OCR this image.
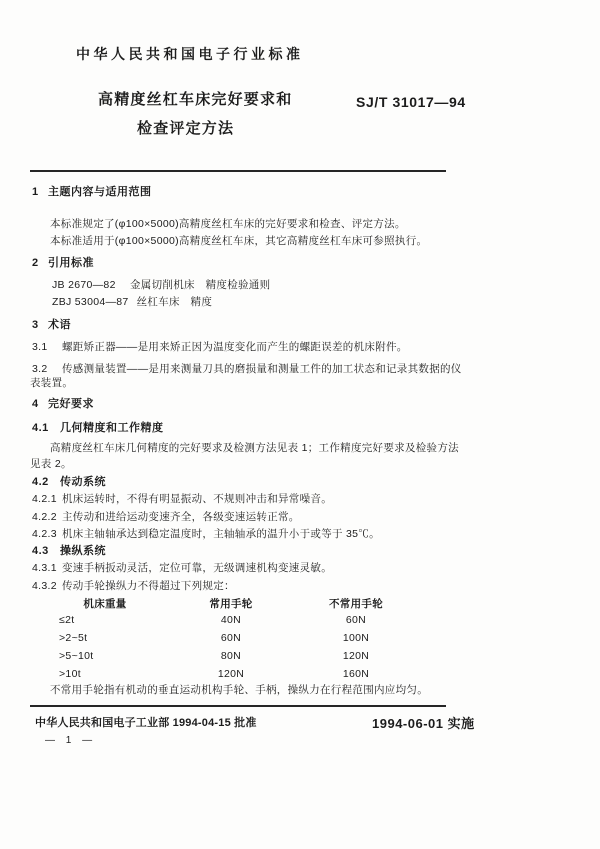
中华人民共和国电子行业标准
高精度丝杠车床完好要求和	SJ/T 31017—94
检查评定方法
1 主题内容与适用范围
本标准规定了(φ100×5000)高精度丝杠车床的完好要求和检查、评定方法。
本标准适用于(φ100×5000)高精度丝杠车床，其它高精度丝杠车床可参照执行。
2 引用标准
JB 2670—82	金属切削机床　精度检验通则
ZBJ 53004—87 丝杠车床　精度
3 术语
3.1	螺距矫正器——是用来矫正因为温度变化而产生的螺距误差的机床附件。
3.2	传感测量装置——是用来测量刀具的磨损量和测量工件的加工状态和记录其数据的仪
表装置。
4 完好要求
4.1	几何精度和工作精度
高精度丝杠车床几何精度的完好要求及检测方法见表 1；工作精度完好要求及检验方法
见表 2。
4.2	传动系统
4.2.1 机床运转时，不得有明显振动、不规则冲击和异常噪音。
4.2.2 主传动和进给运动变速齐全，各级变速运转正常。
4.2.3 机床主轴轴承达到稳定温度时，主轴轴承的温升小于或等于 35℃。
4.3	操纵系统
4.3.1 变速手柄扳动灵活，定位可靠，无级调速机构变速灵敏。
4.3.2 传动手轮操纵力不得超过下列规定：
机床重量	常用手轮	不常用手轮
≤2t	40N	60N
>2~5t	60N	100N
>5~10t	80N	120N
>10t	120N	160N
不常用手轮指有机动的垂直运动机构手轮、手柄，操纵力在行程范围内应均匀。
中华人民共和国电子工业部 1994-04-15 批准	1994-06-01 实施
— 1 —
